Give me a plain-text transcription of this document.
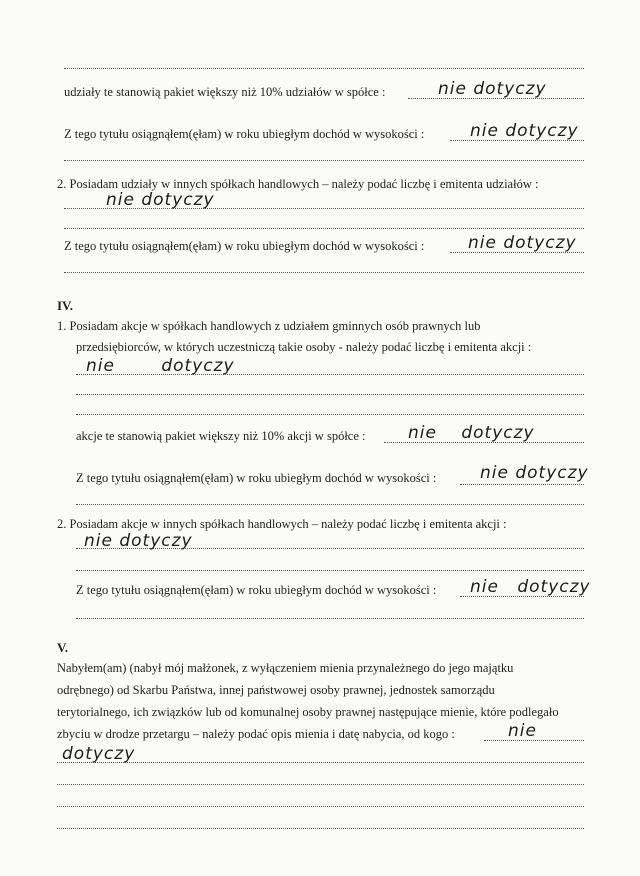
udziały te stanowią pakiet większy niż 10% udziałów w spółce :	nie dotyczy
Z tego tytułu osiągnąłem(ęłam) w roku ubiegłym dochód w wysokości :	nie dotyczy
2. Posiadam udziały w innych spółkach handlowych – należy podać liczbę i emitenta udziałów :
nie dotyczy
Z tego tytułu osiągnąłem(ęłam) w roku ubiegłym dochód w wysokości :	nie dotyczy
IV.
1. Posiadam akcje w spółkach handlowych z udziałem gminnych osób prawnych lub
przedsiębiorców, w których uczestniczą takie osoby - należy podać liczbę i emitenta akcji :
nie dotyczy
akcje te stanowią pakiet większy niż 10% akcji w spółce :	nie dotyczy
Z tego tytułu osiągnąłem(ęłam) w roku ubiegłym dochód w wysokości :	nie dotyczy
2. Posiadam akcje w innych spółkach handlowych – należy podać liczbę i emitenta akcji :
nie dotyczy
Z tego tytułu osiągnąłem(ęłam) w roku ubiegłym dochód w wysokości : nie dotyczy
V.
Nabyłem(am) (nabył mój małżonek, z wyłączeniem mienia przynależnego do jego majątku
odrębnego) od Skarbu Państwa, innej państwowej osoby prawnej, jednostek samorządu
terytorialnego, ich związków lub od komunalnej osoby prawnej następujące mienie, które podlegało
zbyciu w drodze przetargu – należy podać opis mienia i datę nabycia, od kogo :	nie
dotyczy
